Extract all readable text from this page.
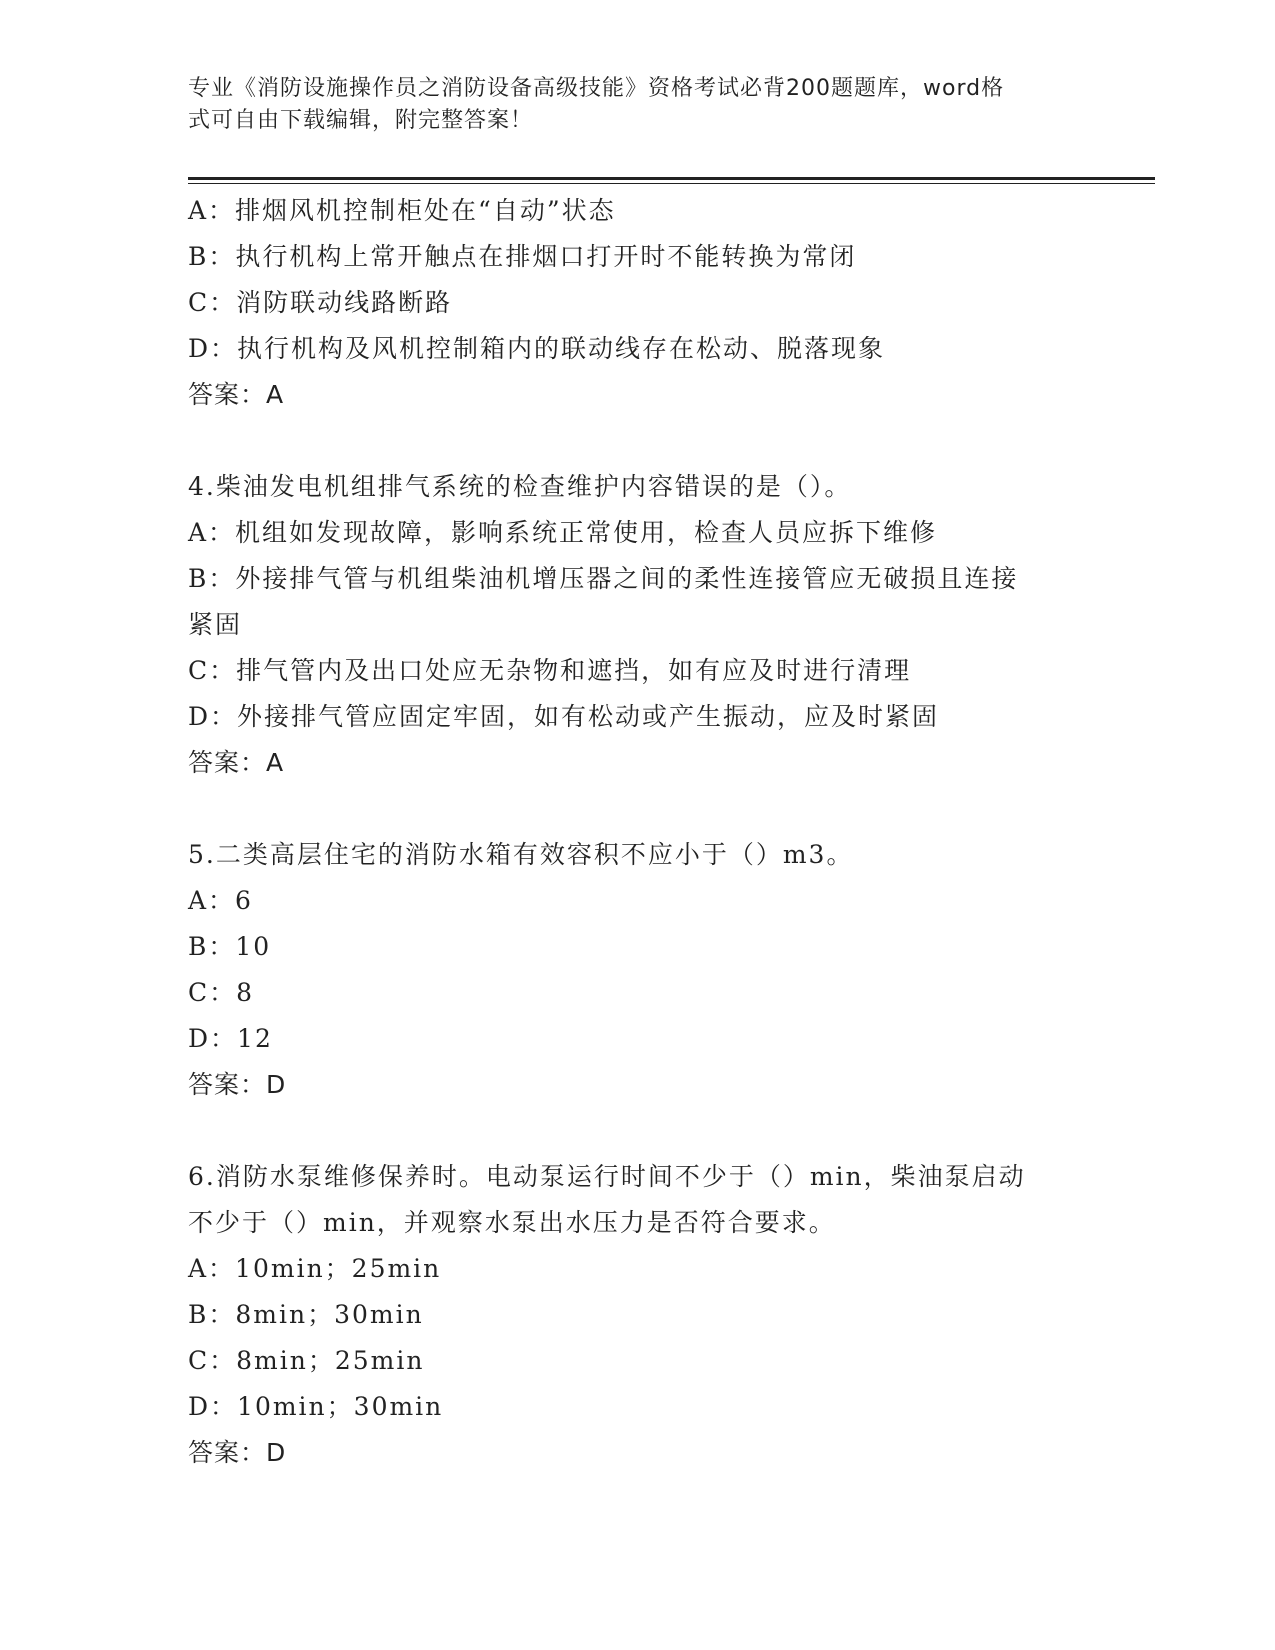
专业《消防设施操作员之消防设备高级技能》资格考试必背200题题库，word格
式可自由下载编辑，附完整答案！
A：排烟风机控制柜处在“自动”状态
B：执行机构上常开触点在排烟口打开时不能转换为常闭
C：消防联动线路断路
D：执行机构及风机控制箱内的联动线存在松动、脱落现象
答案：A
4.柴油发电机组排气系统的检查维护内容错误的是（）。
A：机组如发现故障，影响系统正常使用，检查人员应拆下维修
B：外接排气管与机组柴油机增压器之间的柔性连接管应无破损且连接
紧固
C：排气管内及出口处应无杂物和遮挡，如有应及时进行清理
D：外接排气管应固定牢固，如有松动或产生振动，应及时紧固
答案：A
5.二类高层住宅的消防水箱有效容积不应小于（）m3。
A：6
B：10
C：8
D：12
答案：D
6.消防水泵维修保养时。电动泵运行时间不少于（）min，柴油泵启动
不少于（）min，并观察水泵出水压力是否符合要求。
A：10min；25min
B：8min；30min
C：8min；25min
D：10min；30min
答案：D
